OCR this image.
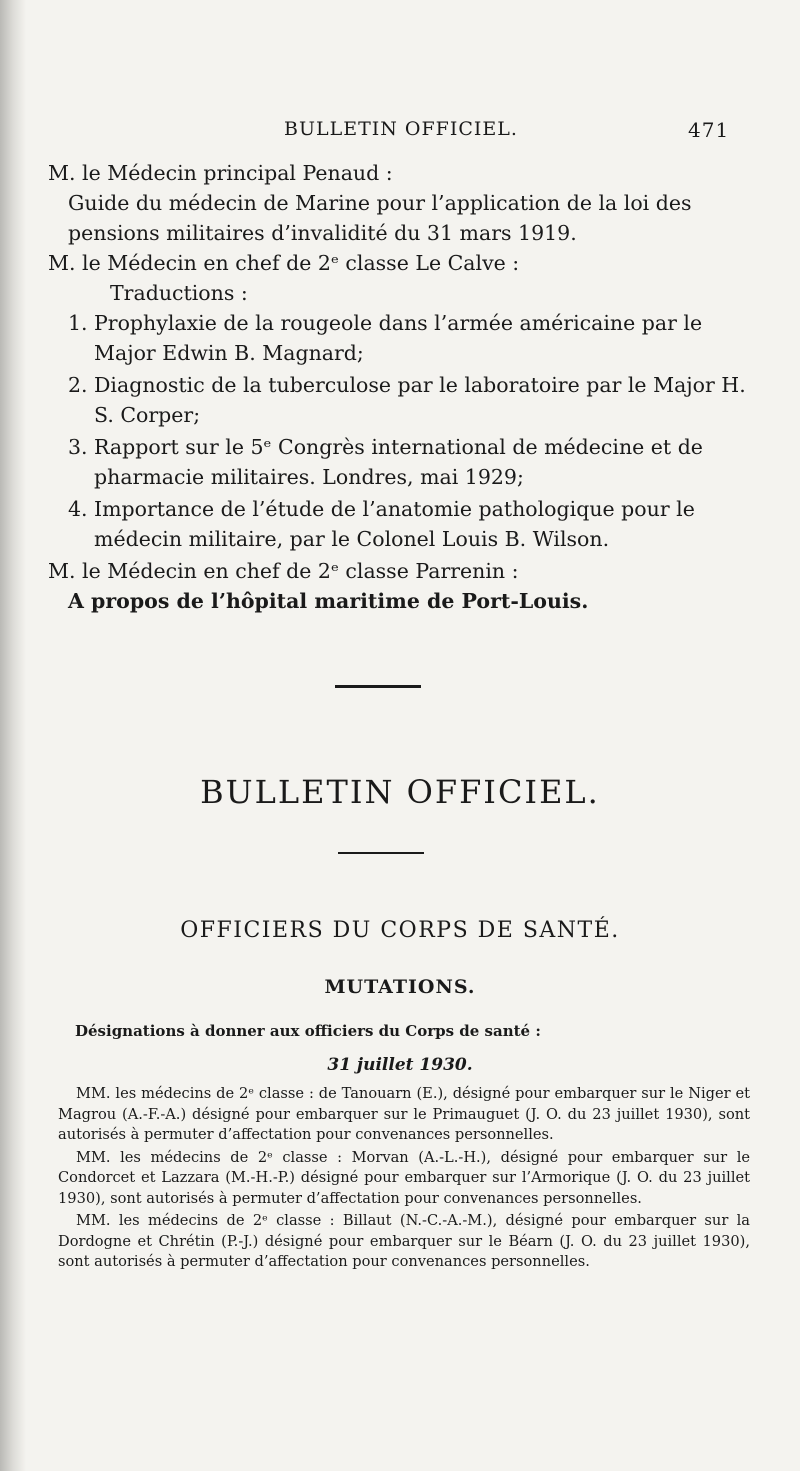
BULLETIN OFFICIEL.	471

M. le Médecin principal Penaud :

Guide du médecin de Marine pour l’application de la loi des pensions militaires d’invalidité du 31 mars 1919.

M. le Médecin en chef de 2ᵉ classe Le Calve :

Traductions :

1. Prophylaxie de la rougeole dans l’armée américaine par le Major Edwin B. Magnard;
2. Diagnostic de la tuberculose par le laboratoire par le Major H. S. Corper;
3. Rapport sur le 5ᵉ Congrès international de médecine et de pharmacie militaires. Londres, mai 1929;
4. Importance de l’étude de l’anatomie pathologique pour le médecin militaire, par le Colonel Louis B. Wilson.

M. le Médecin en chef de 2ᵉ classe Parrenin :

A propos de l’hôpital maritime de Port-Louis.

BULLETIN OFFICIEL.
OFFICIERS DU CORPS DE SANTÉ.
MUTATIONS.
Désignations à donner aux officiers du Corps de santé :
31 juillet 1930.

MM. les médecins de 2ᵉ classe : de Tanouarn (E.), désigné pour embarquer sur le Niger et Magrou (A.-F.-A.) désigné pour embarquer sur le Primauguet (J. O. du 23 juillet 1930), sont autorisés à permuter d’affectation pour convenances personnelles.

MM. les médecins de 2ᵉ classe : Morvan (A.-L.-H.), désigné pour embarquer sur le Condorcet et Lazzara (M.-H.-P.) désigné pour embarquer sur l’Armorique (J. O. du 23 juillet 1930), sont autorisés à permuter d’affectation pour convenances personnelles.

MM. les médecins de 2ᵉ classe : Billaut (N.-C.-A.-M.), désigné pour embarquer sur la Dordogne et Chrétin (P.-J.) désigné pour embarquer sur le Béarn (J. O. du 23 juillet 1930), sont autorisés à permuter d’affectation pour convenances personnelles.
